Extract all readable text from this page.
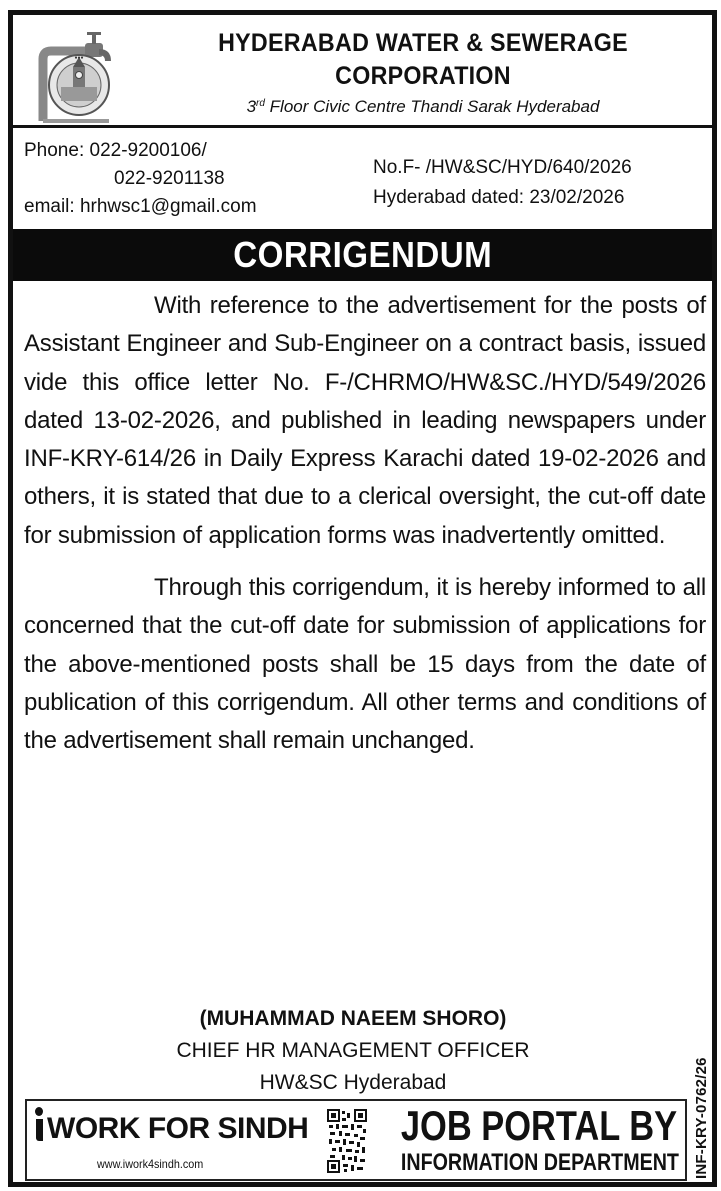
●●●
HYDERABAD WATER & SEWERAGE
CORPORATION
3rd Floor Civic Centre Thandi Sarak Hyderabad
Phone: 022-9200106/
022-9201138
email: hrhwsc1@gmail.com
No.F- /HW&SC/HYD/640/2026
Hyderabad dated: 23/02/2026
CORRIGENDUM

With reference to the advertisement for the posts of Assistant Engineer and Sub-Engineer on a contract basis, issued vide this office letter No. F-/CHRMO/HW&SC./HYD/549/2026 dated 13-02-2026, and published in leading newspapers under INF-KRY-614/26 in Daily Express Karachi dated 19-02-2026 and others, it is stated that due to a clerical oversight, the cut-off date for submission of application forms was inadvertently omitted.

Through this corrigendum, it is hereby informed to all concerned that the cut-off date for submission of applications for the above-mentioned posts shall be 15 days from the date of publication of this corrigendum. All other terms and conditions of the advertisement shall remain unchanged.

(MUHAMMAD NAEEM SHORO)
CHIEF HR MANAGEMENT OFFICER
HW&SC Hyderabad
WORK FOR SINDH
www.iwork4sindh.com
JOB PORTAL BY
INFORMATION DEPARTMENT INF-KRY-0762/26
